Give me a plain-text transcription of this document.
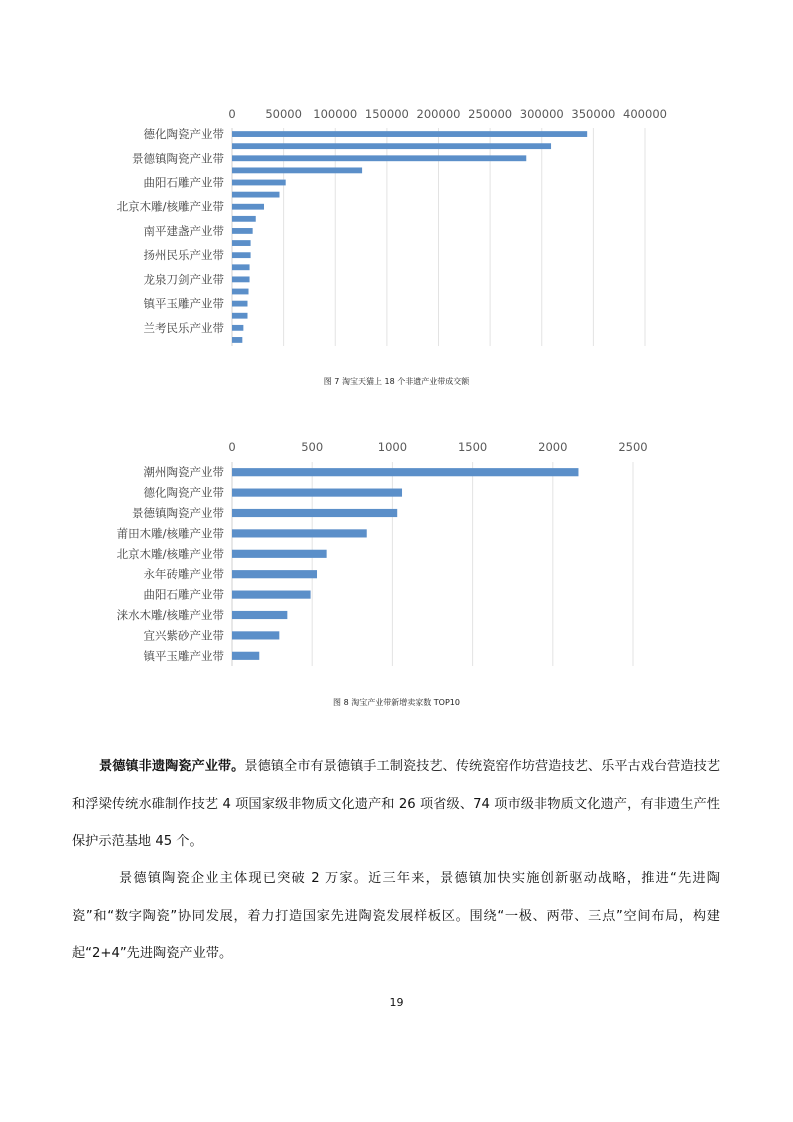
0	50000 100000 150000 200000 250000 300000 350000 400000
德化陶瓷产业带
景德镇陶瓷产业带
曲阳石雕产业带
北京木雕/核雕产业带
南平建盏产业带
扬州民乐产业带
龙泉刀剑产业带
镇平玉雕产业带
兰考民乐产业带
图 7 淘宝天猫上 18 个非遗产业带成交额
0	500	1000	1500	2000	2500
潮州陶瓷产业带
德化陶瓷产业带
景德镇陶瓷产业带
莆田木雕/核雕产业带
北京木雕/核雕产业带
永年砖雕产业带
曲阳石雕产业带
涞水木雕/核雕产业带
宜兴紫砂产业带
镇平玉雕产业带
图 8 淘宝产业带新增卖家数 TOP10

景德镇非遗陶瓷产业带。景德镇全市有景德镇手工制瓷技艺、传统瓷窑作坊营造技艺、乐平古戏台营造技艺和浮梁传统水碓制作技艺 4 项国家级非物质文化遗产和 26 项省级、74 项市级非物质文化遗产，有非遗生产性保护示范基地 45 个。

景德镇陶瓷企业主体现已突破 2 万家。近三年来，景德镇加快实施创新驱动战略，推进“先进陶瓷”和“数字陶瓷”协同发展，着力打造国家先进陶瓷发展样板区。围绕“一极、两带、三点”空间布局，构建起“2+4”先进陶瓷产业带。

19
